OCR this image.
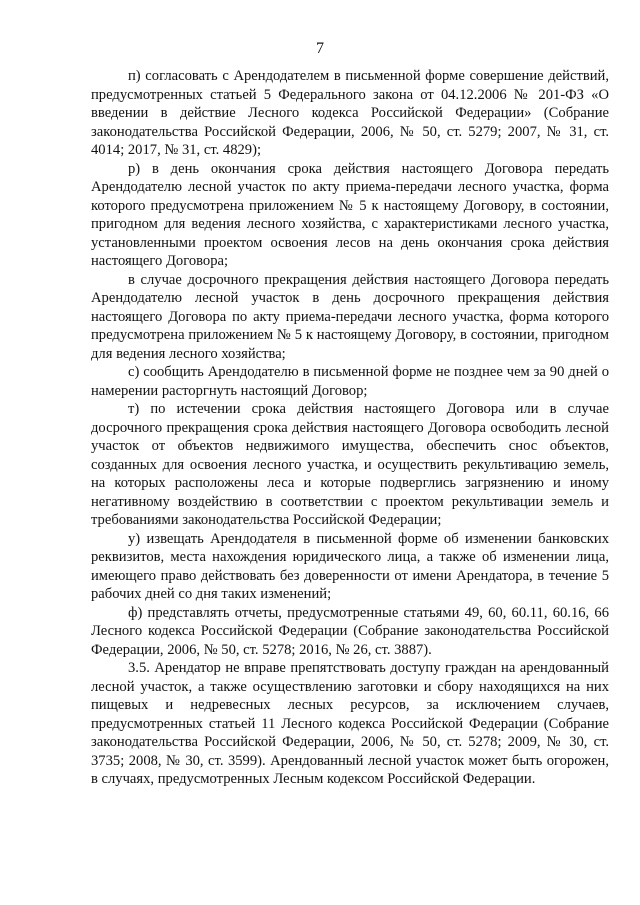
7

п) согласовать с Арендодателем в письменной форме совершение действий, предусмотренных статьей 5 Федерального закона от 04.12.2006 № 201-ФЗ «О введении в действие Лесного кодекса Российской Федерации» (Собрание законодательства Российской Федерации, 2006, № 50, ст. 5279; 2007, № 31, ст. 4014; 2017, № 31, ст. 4829);

р) в день окончания срока действия настоящего Договора передать Арендодателю лесной участок по акту приема-передачи лесного участка, форма которого предусмотрена приложением № 5 к настоящему Договору, в состоянии, пригодном для ведения лесного хозяйства, с характеристиками лесного участка, установленными проектом освоения лесов на день окончания срока действия настоящего Договора;

в случае досрочного прекращения действия настоящего Договора передать Арендодателю лесной участок в день досрочного прекращения действия настоящего Договора по акту приема-передачи лесного участка, форма которого предусмотрена приложением № 5 к настоящему Договору, в состоянии, пригодном для ведения лесного хозяйства;

с) сообщить Арендодателю в письменной форме не позднее чем за 90 дней о намерении расторгнуть настоящий Договор;

т) по истечении срока действия настоящего Договора или в случае досрочного прекращения срока действия настоящего Договора освободить лесной участок от объектов недвижимого имущества, обеспечить снос объектов, созданных для освоения лесного участка, и осуществить рекультивацию земель, на которых расположены леса и которые подверглись загрязнению и иному негативному воздействию в соответствии с проектом рекультивации земель и требованиями законодательства Российской Федерации;

у) извещать Арендодателя в письменной форме об изменении банковских реквизитов, места нахождения юридического лица, а также об изменении лица, имеющего право действовать без доверенности от имени Арендатора, в течение 5 рабочих дней со дня таких изменений;

ф) представлять отчеты, предусмотренные статьями 49, 60, 60.11, 60.16, 66 Лесного кодекса Российской Федерации (Собрание законодательства Российской Федерации, 2006, № 50, ст. 5278; 2016, № 26, ст. 3887).

3.5. Арендатор не вправе препятствовать доступу граждан на арендованный лесной участок, а также осуществлению заготовки и сбору находящихся на них пищевых и недревесных лесных ресурсов, за исключением случаев, предусмотренных статьей 11 Лесного кодекса Российской Федерации (Собрание законодательства Российской Федерации, 2006, № 50, ст. 5278; 2009, № 30, ст. 3735; 2008, № 30, ст. 3599). Арендованный лесной участок может быть огорожен, в случаях, предусмотренных Лесным кодексом Российской Федерации.
